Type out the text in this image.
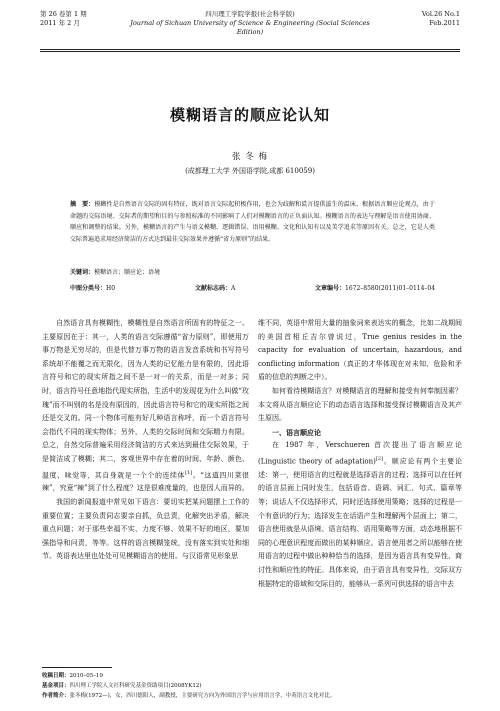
第 26 卷第 1 期
2011 年 2 月
四川理工学院学报(社会科学版)
Journal of Sichuan University of Science & Engineering (Social Sciences Edition)
Vol.26 No.1
Feb.2011
模糊语言的顺应论认知
张 冬 梅
(成都理工大学 外国语学院,成都 610059)
摘　要：模糊性是自然语言交际的固有特征，既对语言交际起积极作用，也会为歧解和谎言提供滋生的温床。根据语言顺应论观点，由于命题的交际语境、交际者的期望和目的与参照标准的不同影响了人们对模糊语言的正负面认知。模糊语言的表达与理解是语言使用协商、顺应和调整的结果。另外，模糊语言的产生与语义模糊、逻辑错误、语用模糊、文化和认知有以及美学追求等原因有关。总之，它是人类交际普遍追求用经济简洁的方式达到最佳交际效果并遵循“省力原则”的结果。
关键词：模糊语言；顺应论；语境
中图分类号：H0	文献标志码：A	文章编号：1672–8580(2011)01–0114–04

自然语言具有模糊性，模糊性是自然语言所固有的特征之一。主要原因在于：其一，人类的语言交际遵循“省力原则”，即使用万事万物是无穷尽的，但是代替万事万物的语言发音系统和书写符号系统却不能覆之而无限化，因为人类的记忆能力是有限的，因此语言符号和它的现实所指之间不是一对一的关系，而是一对多；同时，语言符号任意地指代现实所指，生活中的发现花为什么叫做“玫瑰”而不叫别的名是没有原因的，因此语言符号和它的现实所指之间还是交叉的。同一个物体可能有好几种语言称呼，而一个语言符号会指代不同的现实物体；另外，人类的交际时间和交际精力有限。总之，自然交际普遍采用经济简洁的方式来达到最佳交际效果，于是简洁成了模糊；其二，客观世界中存在着的时间、年龄、颜色、温度、味觉等，其自身就是一个个的连续体[1]。“这道四川菜很辣”，究竟“辣”到了什么程度？这是很难度量的，也是因人而异的。

我国的新闻报道中常见如下语言：要切实把某问题摆上工作的重要位置；主要负责同志要亲自抓，负总责，化解突出矛盾，解决重点问题；对于那些幸福不实、力度不够、效果不好的地区，要加强指导和问责，等等。这样的语言模糊笼统，没有落实到实处和细节。英语表达里也处处可见模糊语言的使用。与汉语常见形象思

维不同，英语中常用大量的抽象词来表达实的概念，比如二战期间的美国首相丘吉尔曾说过，True genius resides in the capacity for evaluation of uncertain, hazardous, and conflicting information（真正的才华体现在对未知、危险和矛盾的信息的判断之中）。

如何看待模糊语言？对模糊语言的理解和接受有何奉制因素？本文将从语言顺应论下的动态语言选择和接受探讨模糊语言及其产生原因。

一、语言顺应论

在 1987 年，Verschueren 首次提出了语言顺应论(Linguistic theory of adaptation)[2]。顺应论有两个主要论述：第一，使用语言的过程就是选择语言的过程；选择可以在任何的语言层面上同时发生，包括语音、语调、词汇、句式、篇章等等；说话人不仅选择形式，同时还选择使用策略；选择的过程是一个有意识的行为；选择发生在话语产生和理解两个层面上；第二，语言使用就是从语境、语言结构、语用策略等方面，动态地根据不同的心理意识程度而做出的某种顺应。语言使用者之所以能够在使用语言的过程中做出种种恰当的选择，是因为语言具有变异性、商讨性和顺应性的特征。具体来说，由于语言具有变异性，交际双方根据特定的语域和交际目的，能够从一系列可供选择的语言中去

收稿日期：2010–05–19
基金项目：四川理工学院人文社科研究基金资助项目(2008YK12)
作者简介：张冬梅(1972—)，女，四川德阳人，副教授，主要研究方向为外国语言学与应用语言学、中英语言文化对比。
